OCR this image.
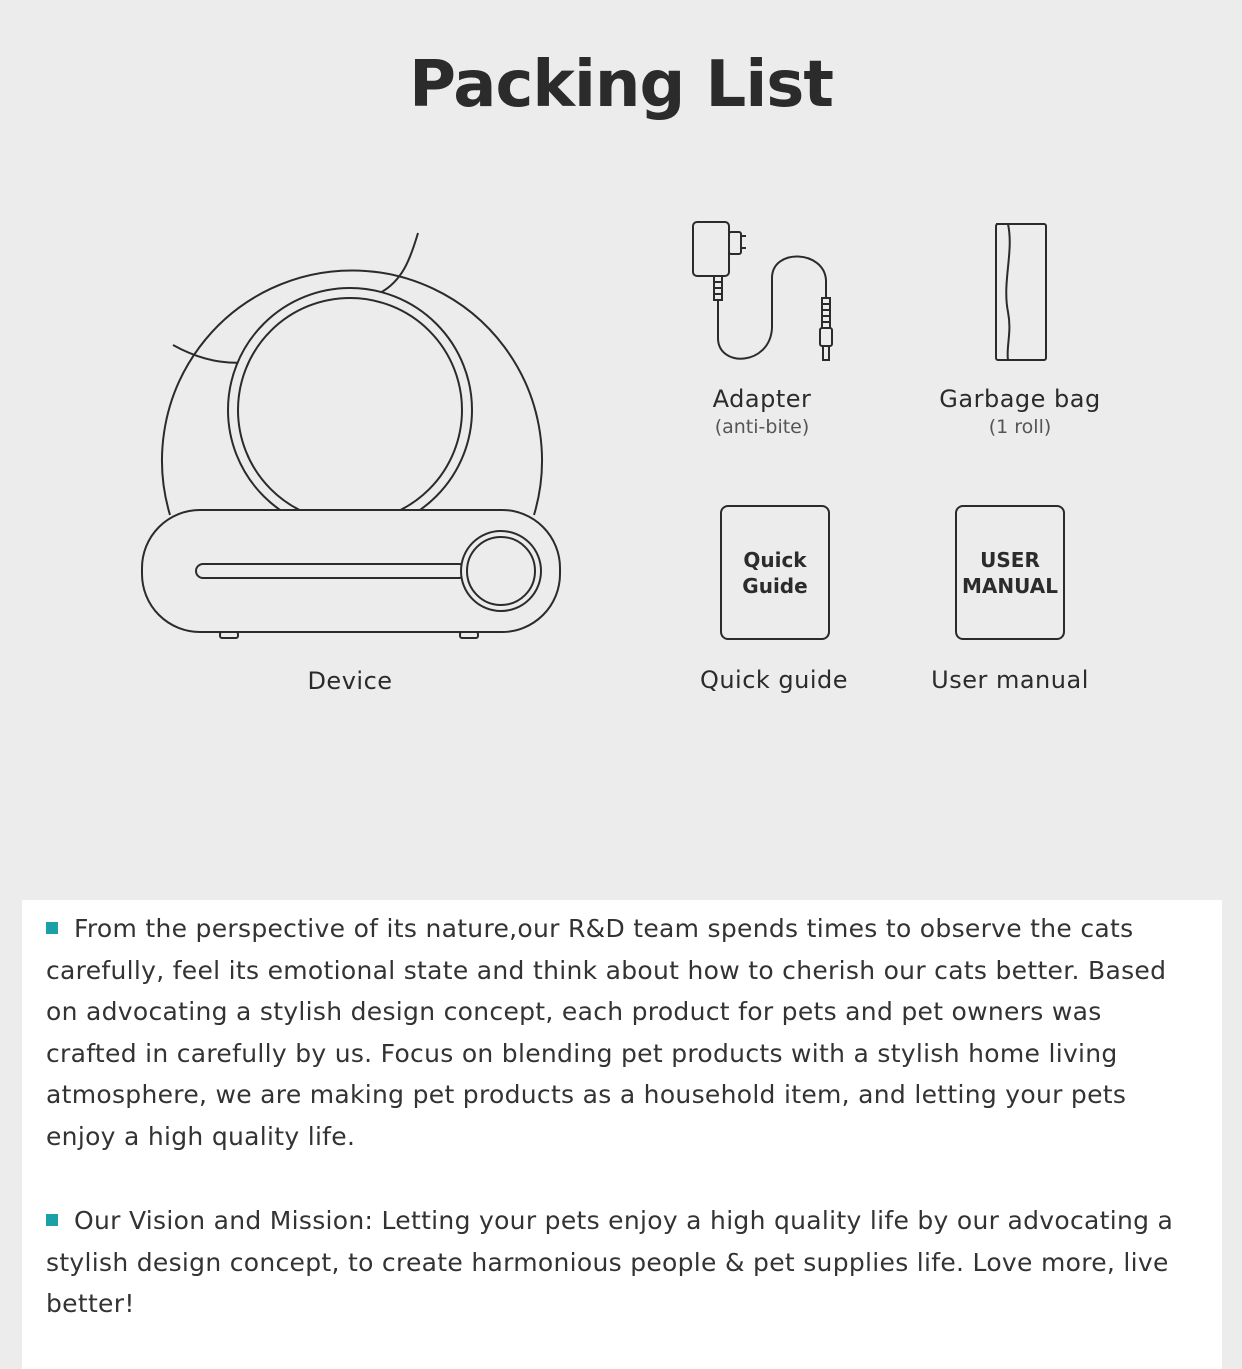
Packing List
Device
Adapter
(anti-bite)
Garbage bag
(1 roll)
Quick
Guide
Quick guide
USER
MANUAL
User manual
From the perspective of its nature,our R&D team spends times to observe the cats carefully, feel its emotional state and think about how to cherish our cats better. Based on advocating a stylish design concept, each product for pets and pet owners was crafted in carefully by us. Focus on blending pet products with a stylish home living atmosphere, we are making pet products as a household item, and letting your pets enjoy a high quality life.
Our Vision and Mission: Letting your pets enjoy a high quality life by our advocating a stylish design concept, to create harmonious people & pet supplies life. Love more, live better!
